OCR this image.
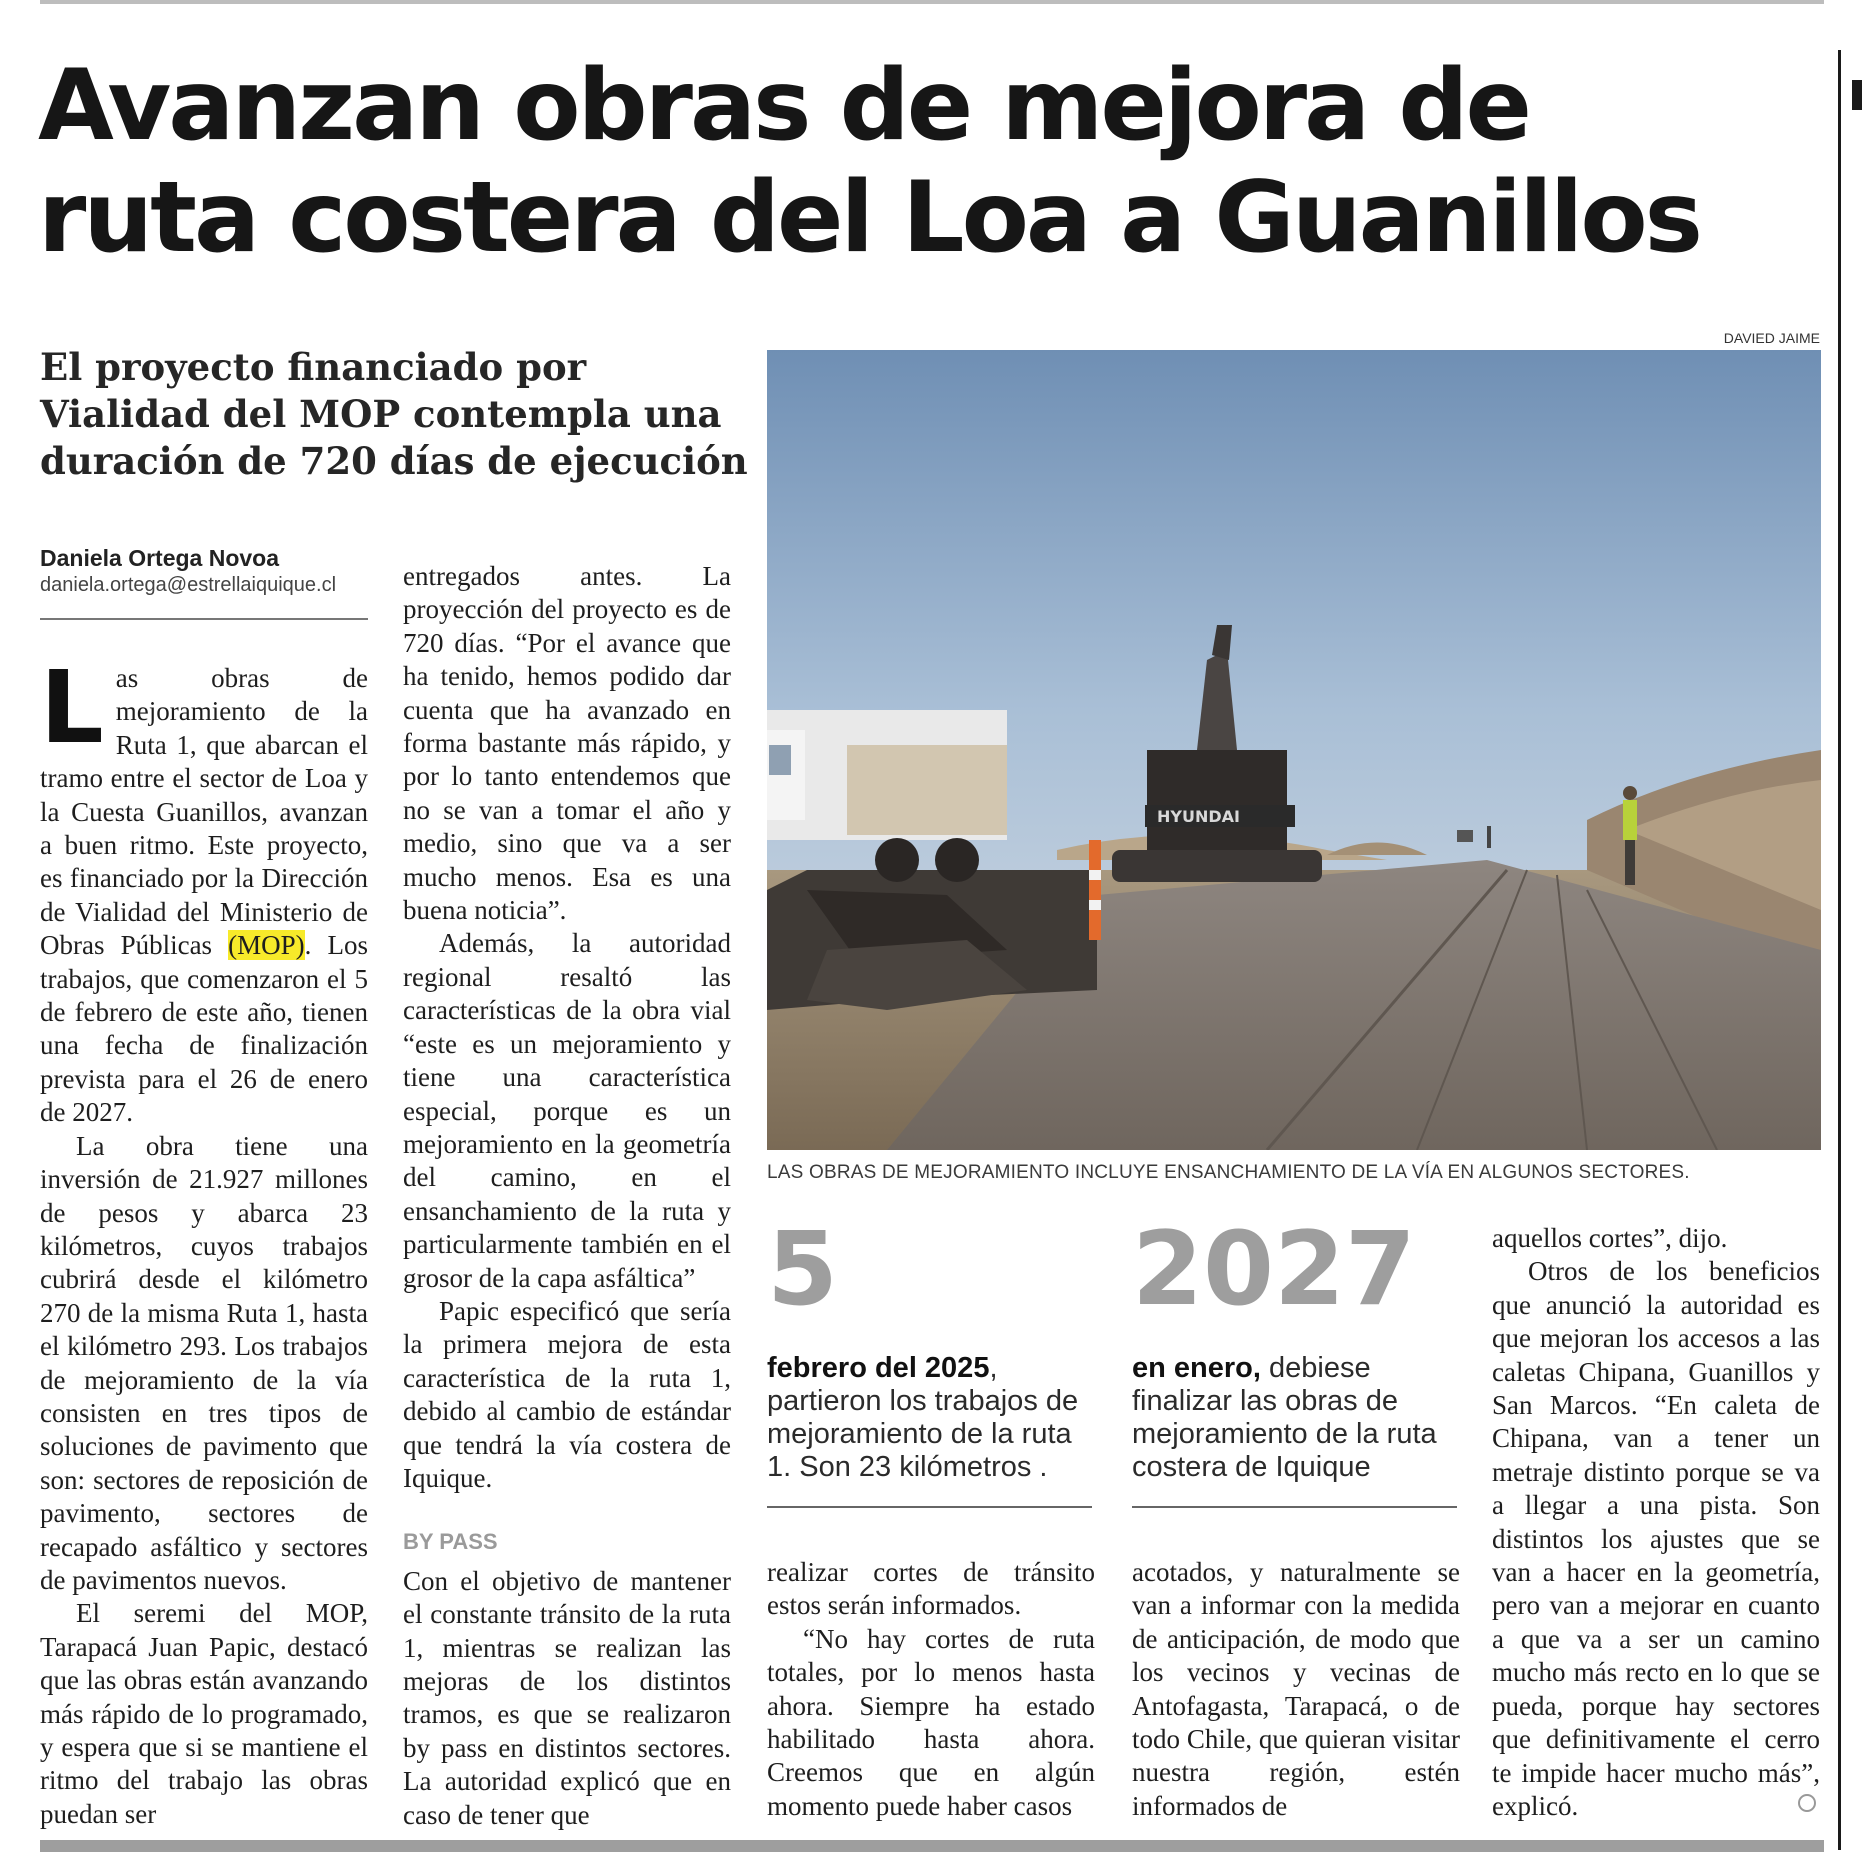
Avanzan obras de mejora de
ruta costera del Loa a Guanillos
El proyecto financiado por Vialidad del MOP contempla una duración de 720 días de ejecución
Daniela Ortega Novoa
daniela.ortega@estrellaiquique.cl

Las obras de mejoramiento de la Ruta 1, que abarcan el tramo entre el sector de Loa y la Cuesta Guanillos, avanzan a buen ritmo. Este proyecto, es financiado por la Dirección de Vialidad del Ministerio de Obras Públicas (MOP). Los trabajos, que comenzaron el 5 de febrero de este año, tienen una fecha de finalización prevista para el 26 de enero de 2027.

La obra tiene una inversión de 21.927 millones de pesos y abarca 23 kilómetros, cuyos trabajos cubrirá desde el kilómetro 270 de la misma Ruta 1, hasta el kilómetro 293. Los trabajos de mejoramiento de la vía consisten en tres tipos de soluciones de pavimento que son: sectores de reposición de pavimento, sectores de recapado asfáltico y sectores de pavimentos nuevos.

El seremi del MOP, Tarapacá Juan Papic, destacó que las obras están avanzando más rápido de lo programado, y espera que si se mantiene el ritmo del trabajo las obras puedan ser

entregados antes. La proyección del proyecto es de 720 días. “Por el avance que ha tenido, hemos podido dar cuenta que ha avanzado en forma bastante más rápido, y por lo tanto entendemos que no se van a tomar el año y medio, sino que va a ser mucho menos. Esa es una buena noticia”.

Además, la autoridad regional resaltó las características de la obra vial “este es un mejoramiento y tiene una característica especial, porque es un mejoramiento en la geometría del camino, en el ensanchamiento de la ruta y particularmente también en el grosor de la capa asfáltica”

Papic especificó que sería la primera mejora de esta característica de la ruta 1, debido al cambio de estándar que tendrá la vía costera de Iquique.

BY PASS

Con el objetivo de mantener el constante tránsito de la ruta 1, mientras se realizan las mejoras de los distintos tramos, es que se realizaron by pass en distintos sectores. La autoridad explicó que en caso de tener que

DAVIED JAIME
HYUNDAI
LAS OBRAS DE MEJORAMIENTO INCLUYE ENSANCHAMIENTO DE LA VÍA EN ALGUNOS SECTORES.
5
febrero del 2025, partieron los trabajos de mejoramiento de la ruta 1. Son 23 kilómetros .
2027
en enero, debiese finalizar las obras de mejoramiento de la ruta costera de Iquique

realizar cortes de tránsito estos serán informados.

“No hay cortes de ruta totales, por lo menos hasta ahora. Siempre ha estado habilitado hasta ahora. Creemos que en algún momento puede haber casos

acotados, y naturalmente se van a informar con la medida de anticipación, de modo que los vecinos y vecinas de Antofagasta, Tarapacá, o de todo Chile, que quieran visitar nuestra región, estén informados de

aquellos cortes”, dijo.

Otros de los beneficios que anunció la autoridad es que mejoran los accesos a las caletas Chipana, Guanillos y San Marcos. “En caleta de Chipana, van a tener un metraje distinto porque se va a llegar a una pista. Son distintos los ajustes que se van a hacer en la geometría, pero van a mejorar en cuanto a que va a ser un camino mucho más recto en lo que se pueda, porque hay sectores que definitivamente el cerro te impide hacer mucho más”, explicó.
